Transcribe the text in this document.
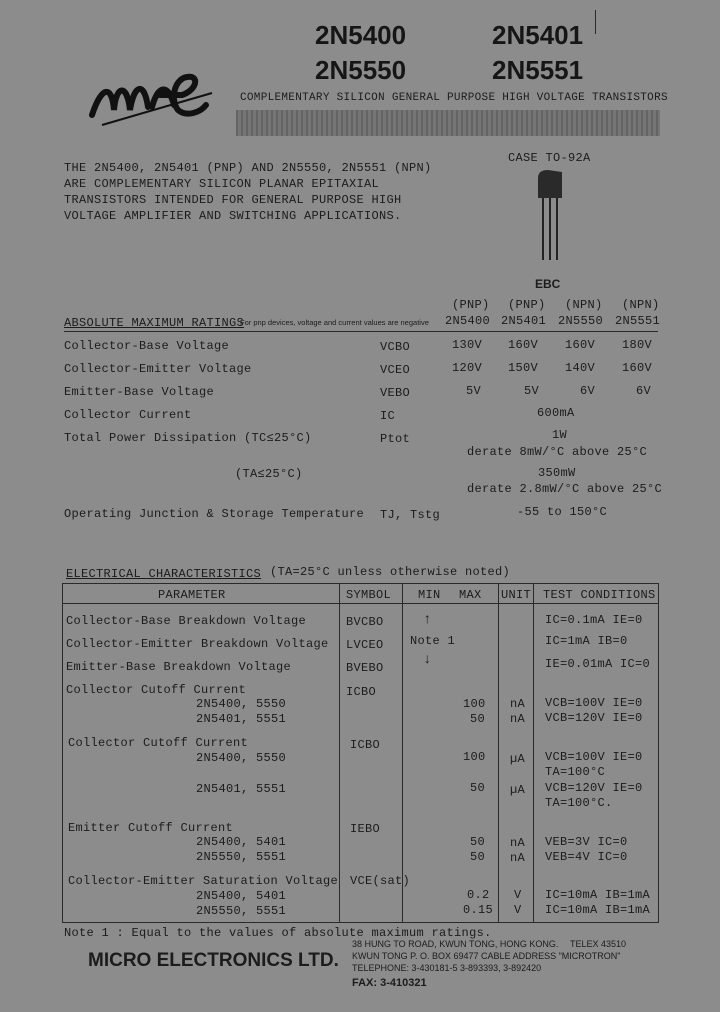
2N5400	2N5401
2N5550	2N5551
COMPLEMENTARY SILICON GENERAL PURPOSE HIGH VOLTAGE TRANSISTORS
THE 2N5400, 2N5401 (PNP) AND 2N5550, 2N5551 (NPN)
ARE COMPLEMENTARY SILICON PLANAR EPITAXIAL
TRANSISTORS INTENDED FOR GENERAL PURPOSE HIGH
VOLTAGE AMPLIFIER AND SWITCHING APPLICATIONS.
CASE TO-92A
EBC
ABSOLUTE MAXIMUM RATINGS
For pnp devices, voltage and current values are negative
(PNP) (PNP) (NPN) (NPN)
2N5400 2N5401 2N5550 2N5551
Collector-Base Voltage	VCBO	130V 160V 160V 180V
Collector-Emitter Voltage	VCEO	120V 150V 140V 160V
Emitter-Base Voltage	VEBO	5V	5V	6V	6V
Collector Current	IC	600mA
Total Power Dissipation (TC≤25°C)	Ptot	1W
derate 8mW/°C above 25°C
(TA≤25°C)	350mW
derate 2.8mW/°C above 25°C
Operating Junction & Storage Temperature TJ, Tstg	-55 to 150°C
ELECTRICAL CHARACTERISTICS (TA=25°C unless otherwise noted)
PARAMETER	SYMBOL MIN MAX UNIT TEST CONDITIONS
Collector-Base Breakdown Voltage	BVCBO	IC=0.1mA IE=0
Collector-Emitter Breakdown Voltage LVCEO	IC=1mA IB=0
Note 1
↑
↓
Emitter-Base Breakdown Voltage	BVEBO	IE=0.01mA IC=0
Collector Cutoff Current	ICBO
2N5400, 5550	100 nA VCB=100V IE=0
2N5401, 5551	50 nA VCB=120V IE=0
Collector Cutoff Current	ICBO
2N5400, 5550	100 µA VCB=100V IE=0
TA=100°C
2N5401, 5551	50 µA VCB=120V IE=0
TA=100°C.
Emitter Cutoff Current	IEBO
2N5400, 5401	50 nA VEB=3V IC=0
2N5550, 5551	50 nA VEB=4V IC=0
Collector-Emitter Saturation Voltage VCE(sat)
2N5400, 5401	0.2 V IC=10mA IB=1mA
2N5550, 5551	0.15 V IC=10mA IB=1mA
Note 1 : Equal to the values of absolute maximum ratings.
MICRO ELECTRONICS LTD.
38 HUNG TO ROAD, KWUN TONG, HONG KONG. TELEX 43510
KWUN TONG P. O. BOX 69477 CABLE ADDRESS "MICROTRON"
TELEPHONE: 3-430181-5 3-893393, 3-892420
FAX: 3-410321
